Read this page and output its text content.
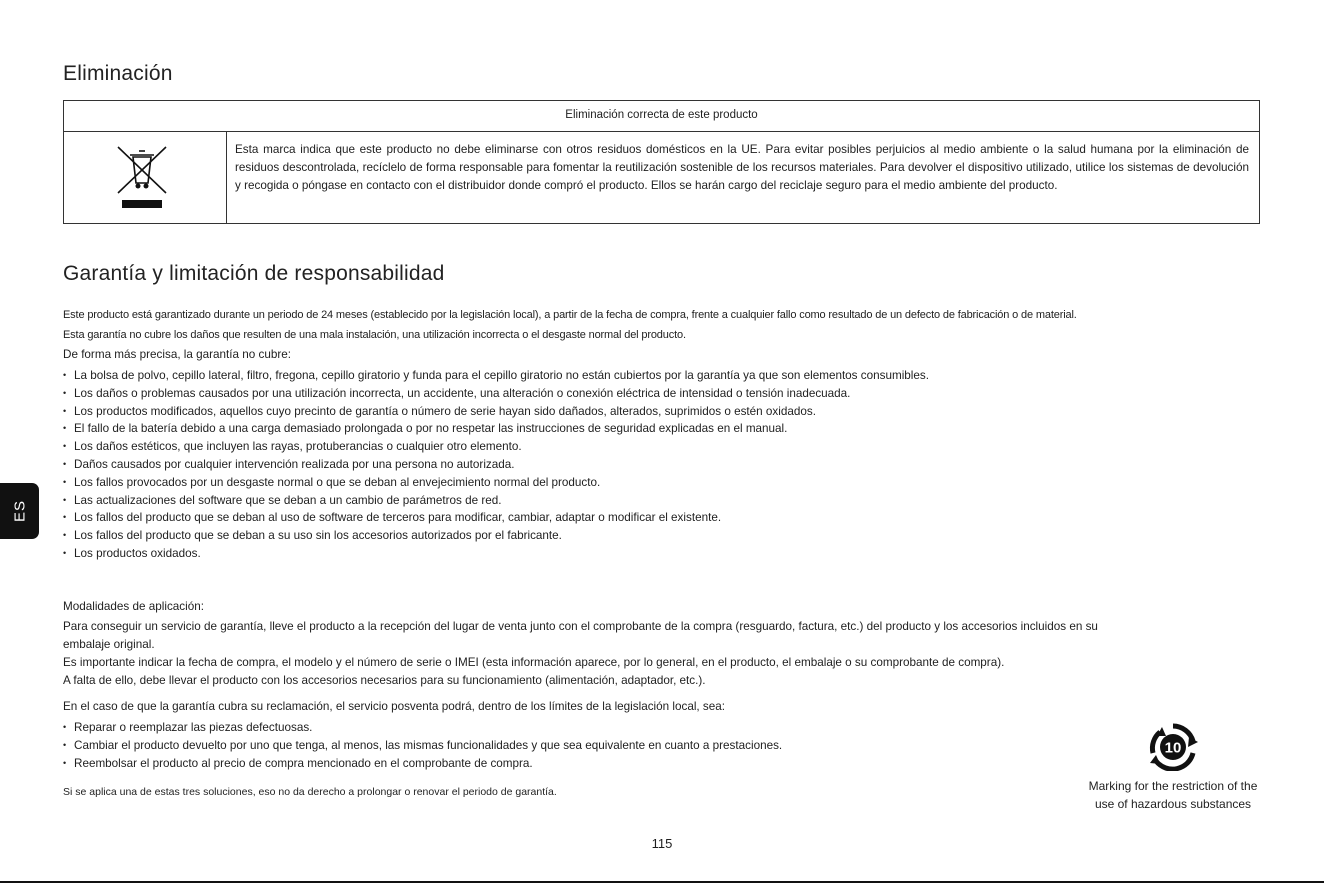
Eliminación
Eliminación correcta de este producto
Esta marca indica que este producto no debe eliminarse con otros residuos domésticos en la UE. Para evitar posibles perjuicios al medio ambiente o la salud humana por la eliminación de residuos descontrolada, recíclelo de forma responsable para fomentar la reutilización sostenible de los recursos materiales. Para devolver el dispositivo utilizado, utilice los sistemas de devolución y recogida o póngase en contacto con el distribuidor donde compró el producto. Ellos se harán cargo del reciclaje seguro para el medio ambiente del producto.
Garantía y limitación de responsabilidad
Este producto está garantizado durante un periodo de 24 meses (establecido por la legislación local), a partir de la fecha de compra, frente a cualquier fallo como resultado de un defecto de fabricación o de material.
Esta garantía no cubre los daños que resulten de una mala instalación, una utilización incorrecta o el desgaste normal del producto.
De forma más precisa, la garantía no cubre:
• La bolsa de polvo, cepillo lateral, filtro, fregona, cepillo giratorio y funda para el cepillo giratorio no están cubiertos por la garantía ya que son elementos consumibles.
• Los daños o problemas causados por una utilización incorrecta, un accidente, una alteración o conexión eléctrica de intensidad o tensión inadecuada.
• Los productos modificados, aquellos cuyo precinto de garantía o número de serie hayan sido dañados, alterados, suprimidos o estén oxidados.
• El fallo de la batería debido a una carga demasiado prolongada o por no respetar las instrucciones de seguridad explicadas en el manual.
• Los daños estéticos, que incluyen las rayas, protuberancias o cualquier otro elemento.
• Daños causados por cualquier intervención realizada por una persona no autorizada.
• Los fallos provocados por un desgaste normal o que se deban al envejecimiento normal del producto.
• Las actualizaciones del software que se deban a un cambio de parámetros de red.
• Los fallos del producto que se deban al uso de software de terceros para modificar, cambiar, adaptar o modificar el existente.
• Los fallos del producto que se deban a su uso sin los accesorios autorizados por el fabricante.
• Los productos oxidados.
Modalidades de aplicación:
Para conseguir un servicio de garantía, lleve el producto a la recepción del lugar de venta junto con el comprobante de la compra (resguardo, factura, etc.) del producto y los accesorios incluidos en su
embalaje original.
Es importante indicar la fecha de compra, el modelo y el número de serie o IMEI (esta información aparece, por lo general, en el producto, el embalaje o su comprobante de compra).
A falta de ello, debe llevar el producto con los accesorios necesarios para su funcionamiento (alimentación, adaptador, etc.).
En el caso de que la garantía cubra su reclamación, el servicio posventa podrá, dentro de los límites de la legislación local, sea:
• Reparar o reemplazar las piezas defectuosas.
• Cambiar el producto devuelto por uno que tenga, al menos, las mismas funcionalidades y que sea equivalente en cuanto a prestaciones.
• Reembolsar el producto al precio de compra mencionado en el comprobante de compra.
Si se aplica una de estas tres soluciones, eso no da derecho a prolongar o renovar el periodo de garantía.
10
Marking for the restriction of the
use of hazardous substances
ES
115
